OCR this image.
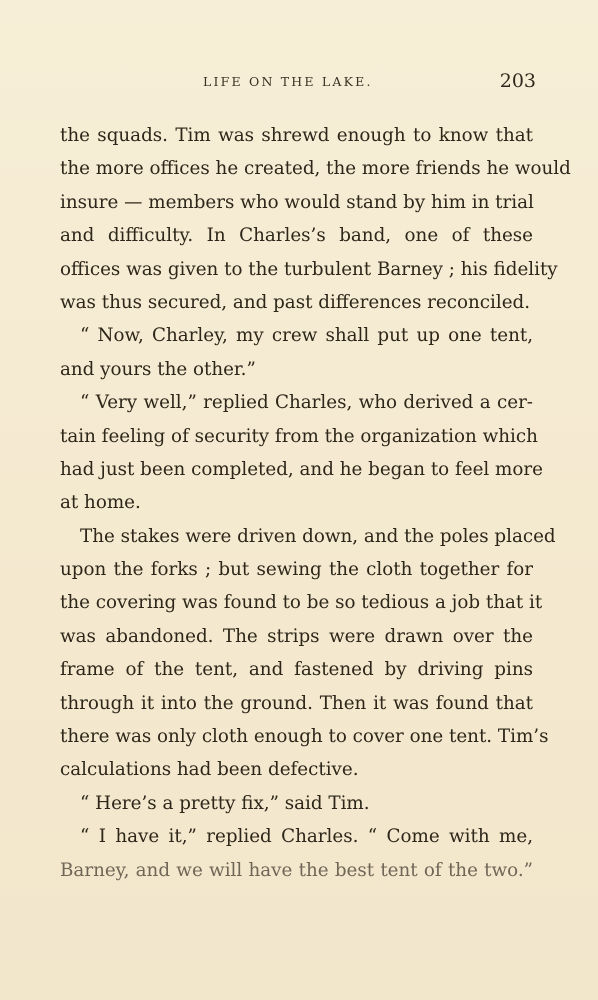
LIFE ON THE LAKE.	203
the squads. Tim was shrewd enough to know that
the more offices he created, the more friends he would
insure — members who would stand by him in trial
and difficulty. In Charles’s band, one of these
offices was given to the turbulent Barney ; his fidelity
was thus secured, and past differences reconciled.
“ Now, Charley, my crew shall put up one tent,
and yours the other.”
“ Very well,” replied Charles, who derived a cer-
tain feeling of security from the organization which
had just been completed, and he began to feel more
at home.
The stakes were driven down, and the poles placed
upon the forks ; but sewing the cloth together for
the covering was found to be so tedious a job that it
was abandoned. The strips were drawn over the
frame of the tent, and fastened by driving pins
through it into the ground. Then it was found that
there was only cloth enough to cover one tent. Tim’s
calculations had been defective.
“ Here’s a pretty fix,” said Tim.
“ I have it,” replied Charles. “ Come with me,
Barney, and we will have the best tent of the two.”
